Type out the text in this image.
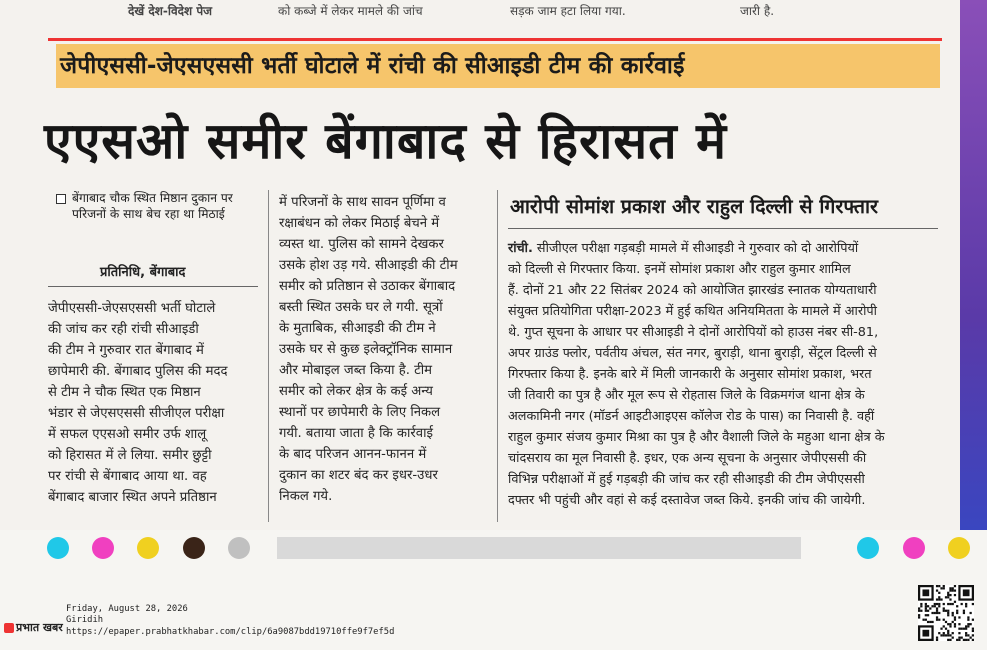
देखें देश-विदेश पेज	को कब्जे में लेकर मामले की जांच	सड़क जाम हटा लिया गया.	जारी है.
जेपीएससी-जेएसएससी भर्ती घोटाले में रांची की सीआइडी टीम की कार्रवाई
एएसओ समीर बेंगाबाद से हिरासत में
बेंगाबाद चौक स्थित मिष्ठान दुकान पर परिजनों के साथ बेच रहा था मिठाई
प्रतिनिधि, बेंगाबाद

जेपीएससी-जेएसएससी भर्ती घोटाले

की जांच कर रही रांची सीआइडी

की टीम ने गुरुवार रात बेंगाबाद में

छापेमारी की. बेंगाबाद पुलिस की मदद

से टीम ने चौक स्थित एक मिष्ठान

भंडार से जेएसएससी सीजीएल परीक्षा

में सफल एएसओ समीर उर्फ शालू

को हिरासत में ले लिया. समीर छुट्टी

पर रांची से बेंगाबाद आया था. वह

बेंगाबाद बाजार स्थित अपने प्रतिष्ठान

में परिजनों के साथ सावन पूर्णिमा व

रक्षाबंधन को लेकर मिठाई बेचने में

व्यस्त था. पुलिस को सामने देखकर

उसके होश उड़ गये. सीआइडी की टीम

समीर को प्रतिष्ठान से उठाकर बेंगाबाद

बस्ती स्थित उसके घर ले गयी. सूत्रों

के मुताबिक, सीआइडी की टीम ने

उसके घर से कुछ इलेक्ट्रॉनिक सामान

और मोबाइल जब्त किया है. टीम

समीर को लेकर क्षेत्र के कई अन्य

स्थानों पर छापेमारी के लिए निकल

गयी. बताया जाता है कि कार्रवाई

के बाद परिजन आनन-फानन में

दुकान का शटर बंद कर इधर-उधर

निकल गये.

आरोपी सोमांश प्रकाश और राहुल दिल्ली से गिरफ्तार

रांची. सीजीएल परीक्षा गड़बड़ी मामले में सीआइडी ने गुरुवार को दो आरोपियों

को दिल्ली से गिरफ्तार किया. इनमें सोमांश प्रकाश और राहुल कुमार शामिल

हैं. दोनों 21 और 22 सितंबर 2024 को आयोजित झारखंड स्नातक योग्यताधारी

संयुक्त प्रतियोगिता परीक्षा-2023 में हुई कथित अनियमितता के मामले में आरोपी

थे. गुप्त सूचना के आधार पर सीआइडी ने दोनों आरोपियों को हाउस नंबर सी-81,

अपर ग्राउंड फ्लोर, पर्वतीय अंचल, संत नगर, बुराड़ी, थाना बुराड़ी, सेंट्रल दिल्ली से

गिरफ्तार किया है. इनके बारे में मिली जानकारी के अनुसार सोमांश प्रकाश, भरत

जी तिवारी का पुत्र है और मूल रूप से रोहतास जिले के विक्रमगंज थाना क्षेत्र के

अलकामिनी नगर (मॉडर्न आइटीआइएस कॉलेज रोड के पास) का निवासी है. वहीं

राहुल कुमार संजय कुमार मिश्रा का पुत्र है और वैशाली जिले के महुआ थाना क्षेत्र के

चांदसराय का मूल निवासी है. इधर, एक अन्य सूचना के अनुसार जेपीएससी की

विभिन्न परीक्षाओं में हुई गड़बड़ी की जांच कर रही सीआइडी की टीम जेपीएससी

दफ्तर भी पहुंची और वहां से कई दस्तावेज जब्त किये. इनकी जांच की जायेगी.

प्रभात खबर
Friday, August 28, 2026
Giridih
https://epaper.prabhatkhabar.com/clip/6a9087bdd19710ffe9f7ef5d
